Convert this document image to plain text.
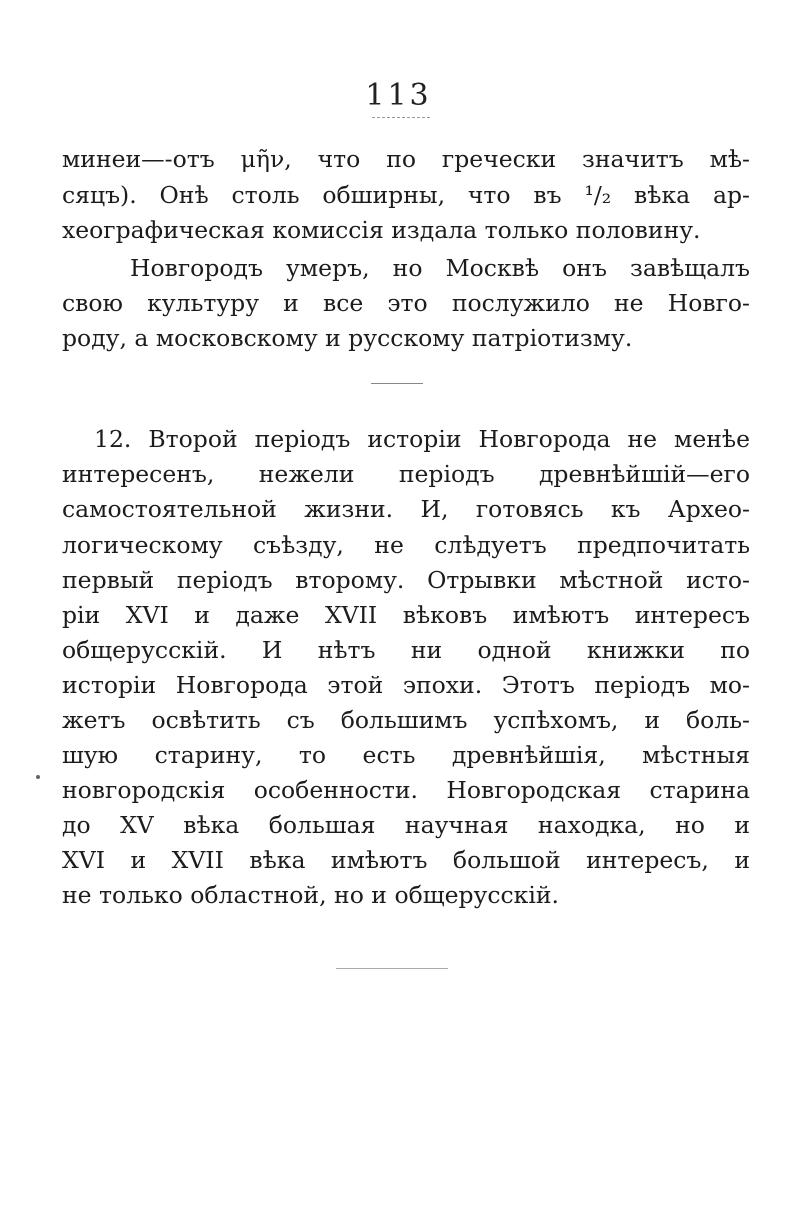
113
минеи—-отъ μῆν, что по гречески значитъ мѣ-
сяцъ). Онѣ столь обширны, что въ ¹/₂ вѣка ар-
хеографическая комиссія издала только половину.
Новгородъ умеръ, но Москвѣ онъ завѣщалъ
свою культуру и все это послужило не Новго-
роду, а московскому и русскому патріотизму.
12. Второй періодъ исторіи Новгорода не менѣе
интересенъ, нежели періодъ древнѣйшій—его
самостоятельной жизни. И, готовясь къ Архео-
логическому съѣзду, не слѣдуетъ предпочитать
первый періодъ второму. Отрывки мѣстной исто-
ріи XVI и даже XVII вѣковъ имѣютъ интересъ
общерусскій. И нѣтъ ни одной книжки по
исторіи Новгорода этой эпохи. Этотъ періодъ мо-
жетъ освѣтить съ большимъ успѣхомъ, и боль-
шую старину, то есть древнѣйшія, мѣстныя
новгородскія особенности. Новгородская старина
до XV вѣка большая научная находка, но и
XVI и XVII вѣка имѣютъ большой интересъ, и
не только областной, но и общерусскій.
